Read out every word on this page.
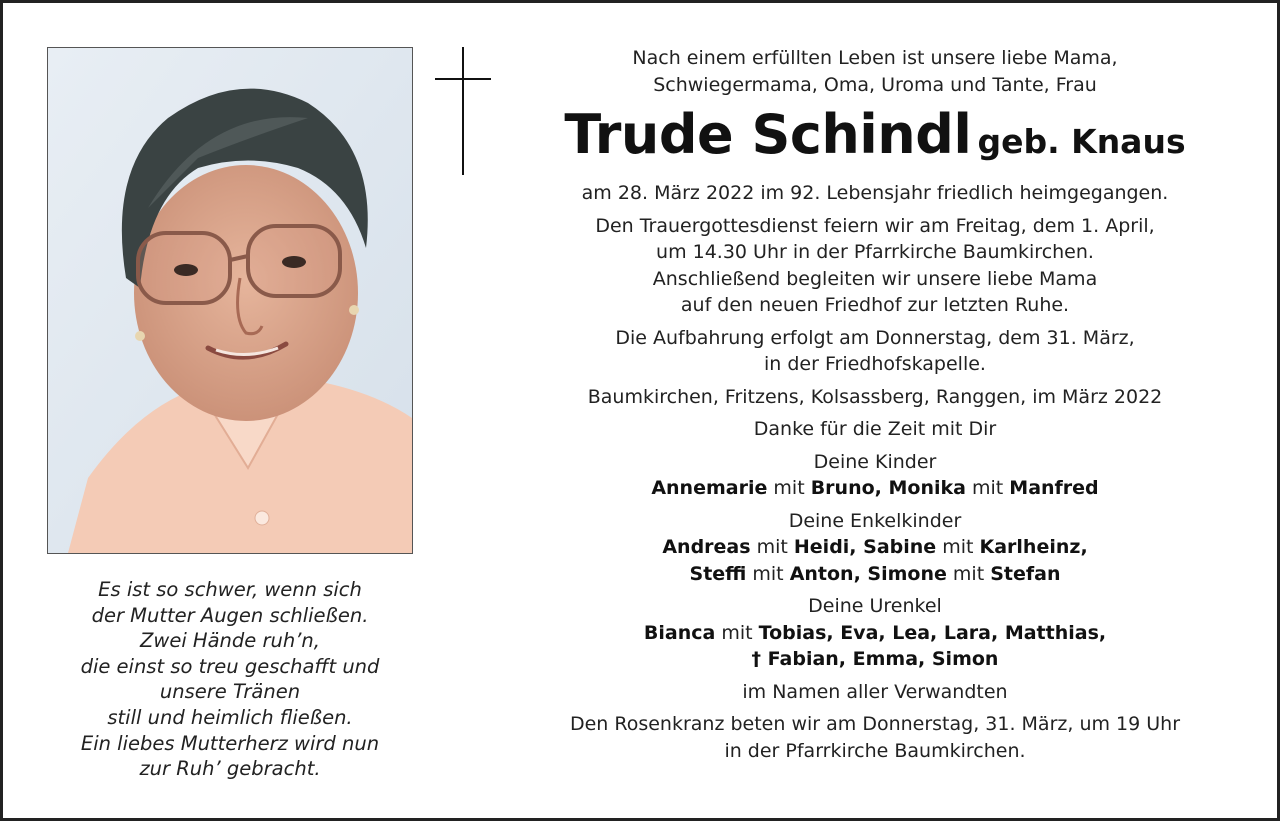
Es ist so schwer, wenn sich
der Mutter Augen schließen.
Zwei Hände ruh’n,
die einst so treu geschafft und
unsere Tränen
still und heimlich fließen.
Ein liebes Mutterherz wird nun
zur Ruh’ gebracht.
Nach einem erfüllten Leben ist unsere liebe Mama,
Schwiegermama, Oma, Uroma und Tante, Frau
Trude Schindl geb. Knaus
am 28. März 2022 im 92. Lebensjahr friedlich heimgegangen.
Den Trauergottesdienst feiern wir am Freitag, dem 1. April,
um 14.30 Uhr in der Pfarrkirche Baumkirchen.
Anschließend begleiten wir unsere liebe Mama
auf den neuen Friedhof zur letzten Ruhe.
Die Aufbahrung erfolgt am Donnerstag, dem 31. März,
in der Friedhofskapelle.
Baumkirchen, Fritzens, Kolsassberg, Ranggen, im März 2022
Danke für die Zeit mit Dir
Deine Kinder
Annemarie mit Bruno, Monika mit Manfred
Deine Enkelkinder
Andreas mit Heidi, Sabine mit Karlheinz,
Steffi mit Anton, Simone mit Stefan
Deine Urenkel
Bianca mit Tobias, Eva, Lea, Lara, Matthias,
† Fabian, Emma, Simon
im Namen aller Verwandten
Den Rosenkranz beten wir am Donnerstag, 31. März, um 19 Uhr
in der Pfarrkirche Baumkirchen.
